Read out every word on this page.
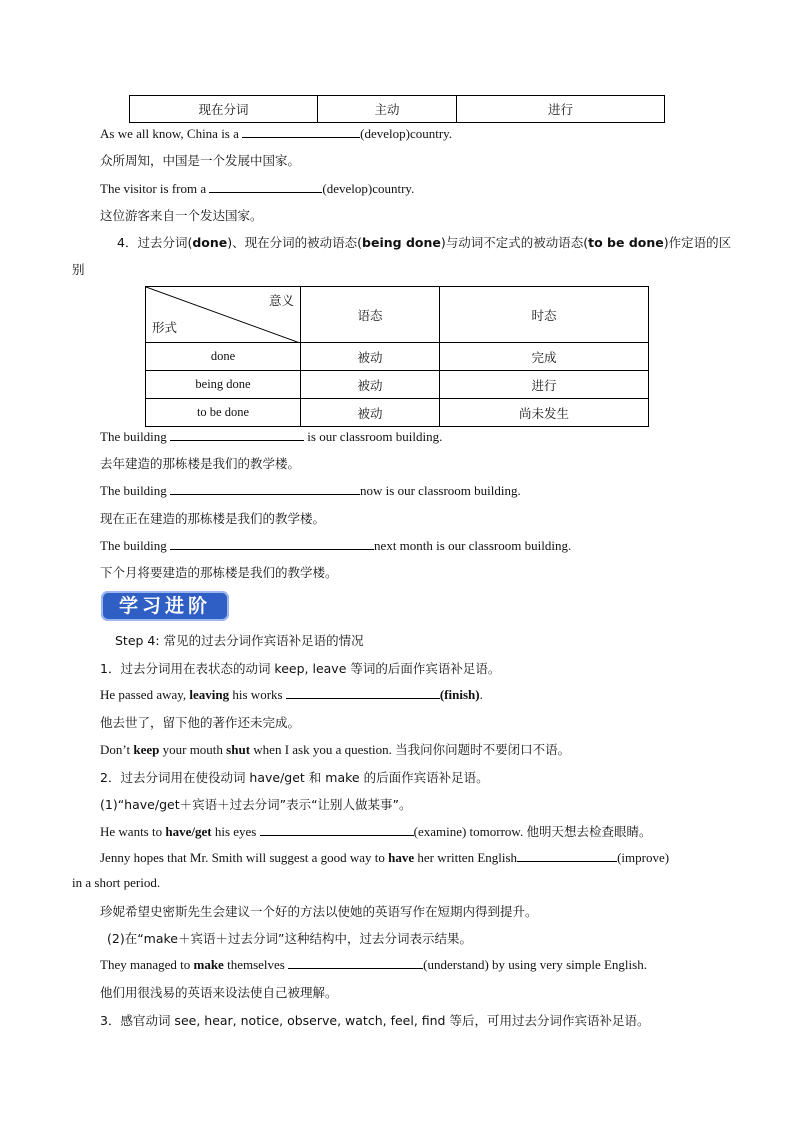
现在分词	主动	进行
As we all know, China is a	(develop)country.
众所周知，中国是一个发展中国家。
The visitor is from a	(develop)country.
这位游客来自一个发达国家。
4．过去分词(done)、现在分词的被动语态(being done)与动词不定式的被动语态(to be done)作定语的区
别
意义
形式	语态	时态
done	被动	完成
being done	被动	进行
to be done	被动	尚未发生
The building	is our classroom building.
去年建造的那栋楼是我们的教学楼。
The building	now is our classroom building.
现在正在建造的那栋楼是我们的教学楼。
The building	next month is our classroom building.
下个月将要建造的那栋楼是我们的教学楼。
学习进阶
Step 4: 常见的过去分词作宾语补足语的情况
1．过去分词用在表状态的动词 keep, leave 等词的后面作宾语补足语。
He passed away, leaving his works	(finish).
他去世了，留下他的著作还未完成。
Don’t keep your mouth shut when I ask you a question. 当我问你问题时不要闭口不语。
2．过去分词用在使役动词 have/get 和 make 的后面作宾语补足语。
(1)“have/get＋宾语＋过去分词”表示“让别人做某事”。
He wants to have/get his eyes	(examine) tomorrow. 他明天想去检查眼睛。
Jenny hopes that Mr. Smith will suggest a good way to have her written English	(improve)
in a short period.
珍妮希望史密斯先生会建议一个好的方法以使她的英语写作在短期内得到提升。
(2)在“make＋宾语＋过去分词”这种结构中，过去分词表示结果。
They managed to make themselves	(understand) by using very simple English.
他们用很浅易的英语来设法使自己被理解。
3．感官动词 see, hear, notice, observe, watch, feel, find 等后，可用过去分词作宾语补足语。
